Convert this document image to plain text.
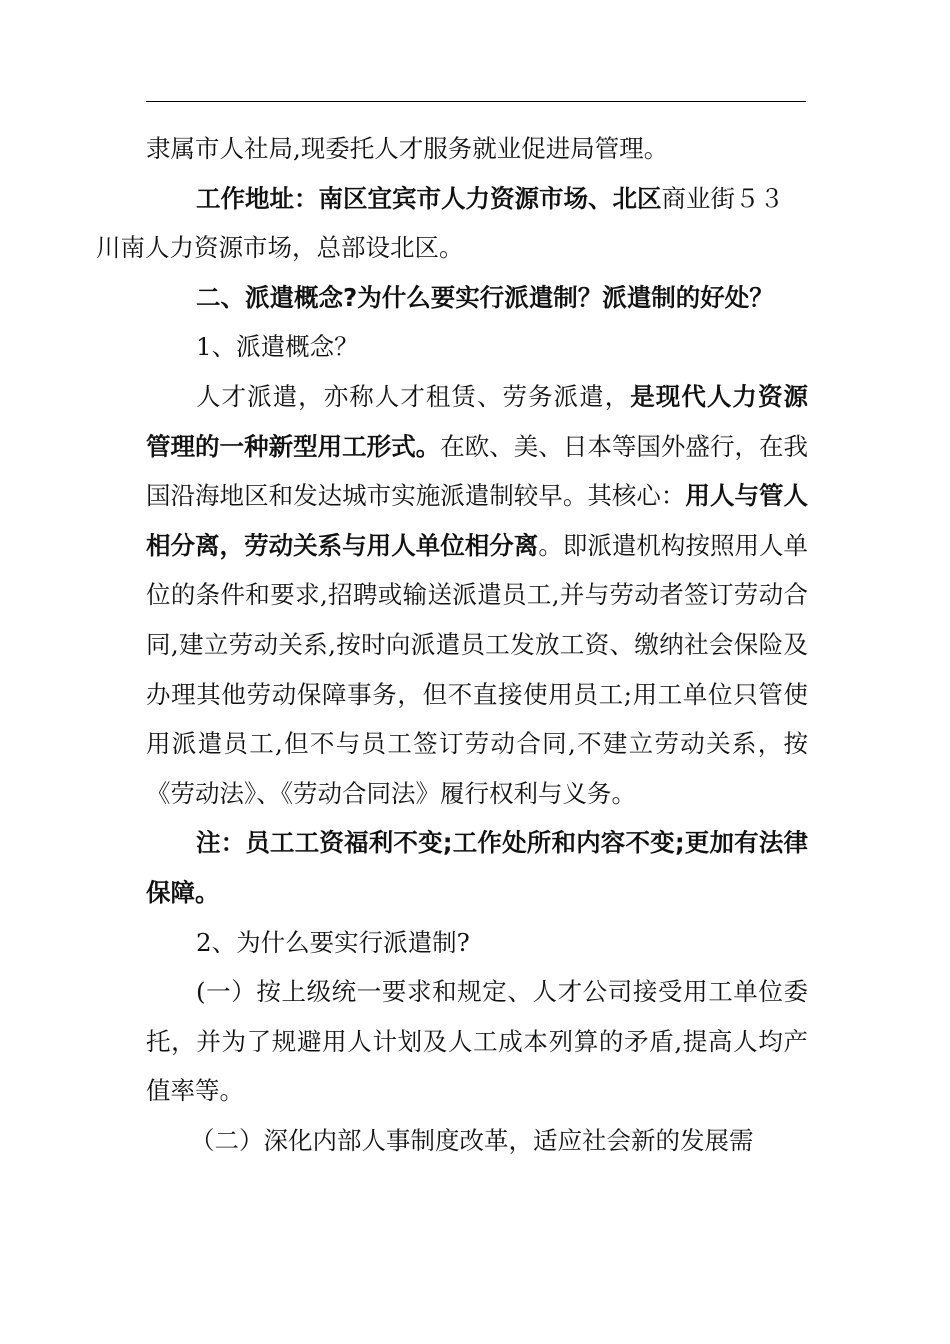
隶属市人社局,现委托人才服务就业促进局管理。

工作地址：南区宜宾市人力资源市场、北区商业街５３
川南人力资源市场，总部设北区。

二、派遣概念?为什么要实行派遣制？派遣制的好处？

1、派遣概念？

人才派遣，亦称人才租赁、劳务派遣，是现代人力资源管理的一种新型用工形式。在欧、美、日本等国外盛行，在我国沿海地区和发达城市实施派遣制较早。其核心：用人与管人相分离，劳动关系与用人单位相分离。即派遣机构按照用人单位的条件和要求,招聘或输送派遣员工,并与劳动者签订劳动合同,建立劳动关系,按时向派遣员工发放工资、缴纳社会保险及办理其他劳动保障事务，但不直接使用员工;用工单位只管使用派遣员工,但不与员工签订劳动合同,不建立劳动关系，按《劳动法》、《劳动合同法》履行权利与义务。

注：员工工资福利不变;工作处所和内容不变;更加有法律保障。

2、为什么要实行派遣制?

(一）按上级统一要求和规定、人才公司接受用工单位委托，并为了规避用人计划及人工成本列算的矛盾,提高人均产值率等。

（二）深化内部人事制度改革，适应社会新的发展需
